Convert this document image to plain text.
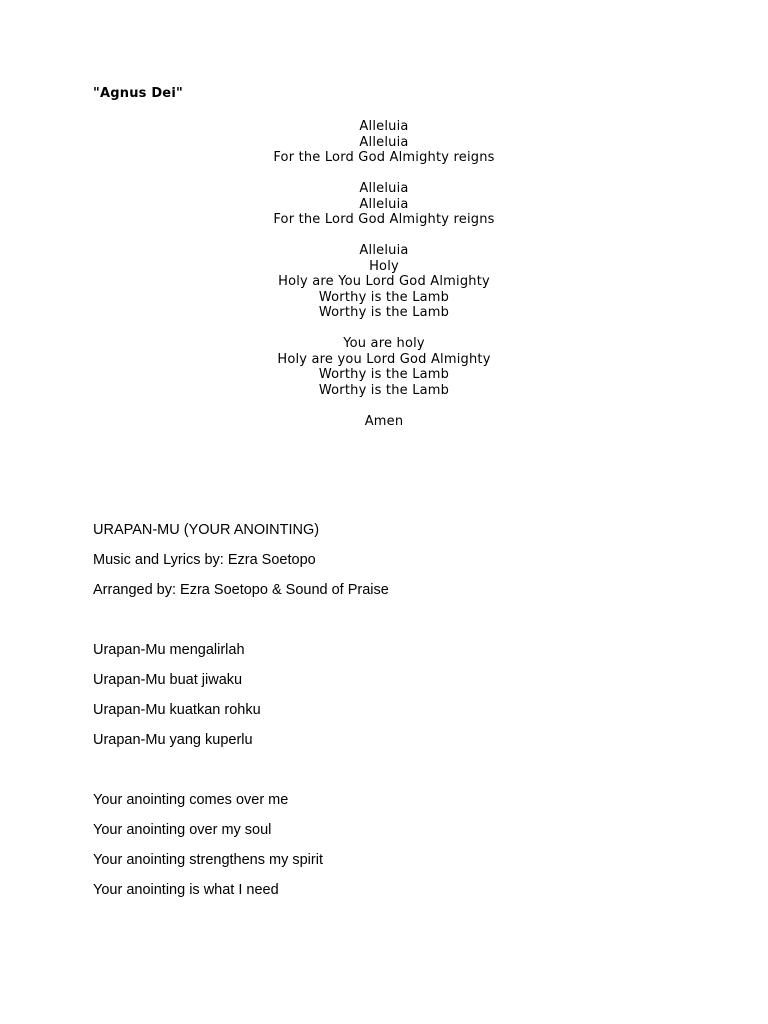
"Agnus Dei"
Alleluia
Alleluia
For the Lord God Almighty reigns
Alleluia
Alleluia
For the Lord God Almighty reigns
Alleluia
Holy
Holy are You Lord God Almighty
Worthy is the Lamb
Worthy is the Lamb
You are holy
Holy are you Lord God Almighty
Worthy is the Lamb
Worthy is the Lamb
Amen
URAPAN-MU (YOUR ANOINTING)
Music and Lyrics by: Ezra Soetopo
Arranged by: Ezra Soetopo & Sound of Praise
Urapan-Mu mengalirlah
Urapan-Mu buat jiwaku
Urapan-Mu kuatkan rohku
Urapan-Mu yang kuperlu
Your anointing comes over me
Your anointing over my soul
Your anointing strengthens my spirit
Your anointing is what I need
